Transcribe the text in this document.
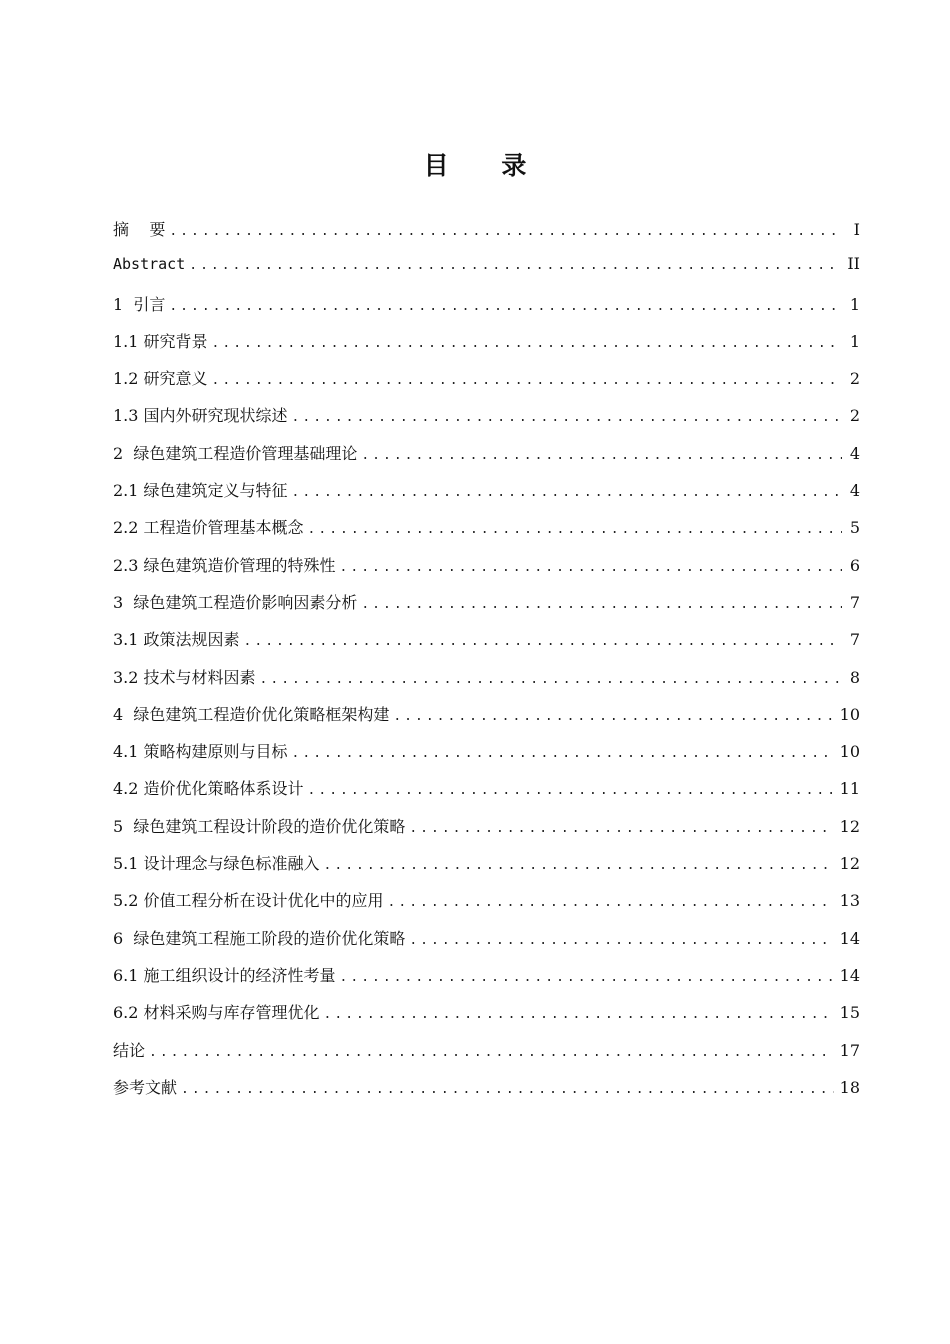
目 录
摘    要 .....	I
Abstract .....	II
1  引言 .....	1
1.1 研究背景 .....	1
1.2 研究意义 .....	2
1.3 国内外研究现状综述 .....	2
2  绿色建筑工程造价管理基础理论 .....	4
2.1 绿色建筑定义与特征 .....	4
2.2 工程造价管理基本概念 .....	5
2.3 绿色建筑造价管理的特殊性 .....	6
3  绿色建筑工程造价影响因素分析 .....	7
3.1 政策法规因素 .....	7
3.2 技术与材料因素 .....	8
4  绿色建筑工程造价优化策略框架构建 .....	10
4.1 策略构建原则与目标 .....	10
4.2 造价优化策略体系设计 .....	11
5  绿色建筑工程设计阶段的造价优化策略 .....	12
5.1 设计理念与绿色标准融入 .....	12
5.2 价值工程分析在设计优化中的应用 .....	13
6  绿色建筑工程施工阶段的造价优化策略 .....	14
6.1 施工组织设计的经济性考量 .....	14
6.2 材料采购与库存管理优化 .....	15
结论 .....	17
参考文献 .....	18
